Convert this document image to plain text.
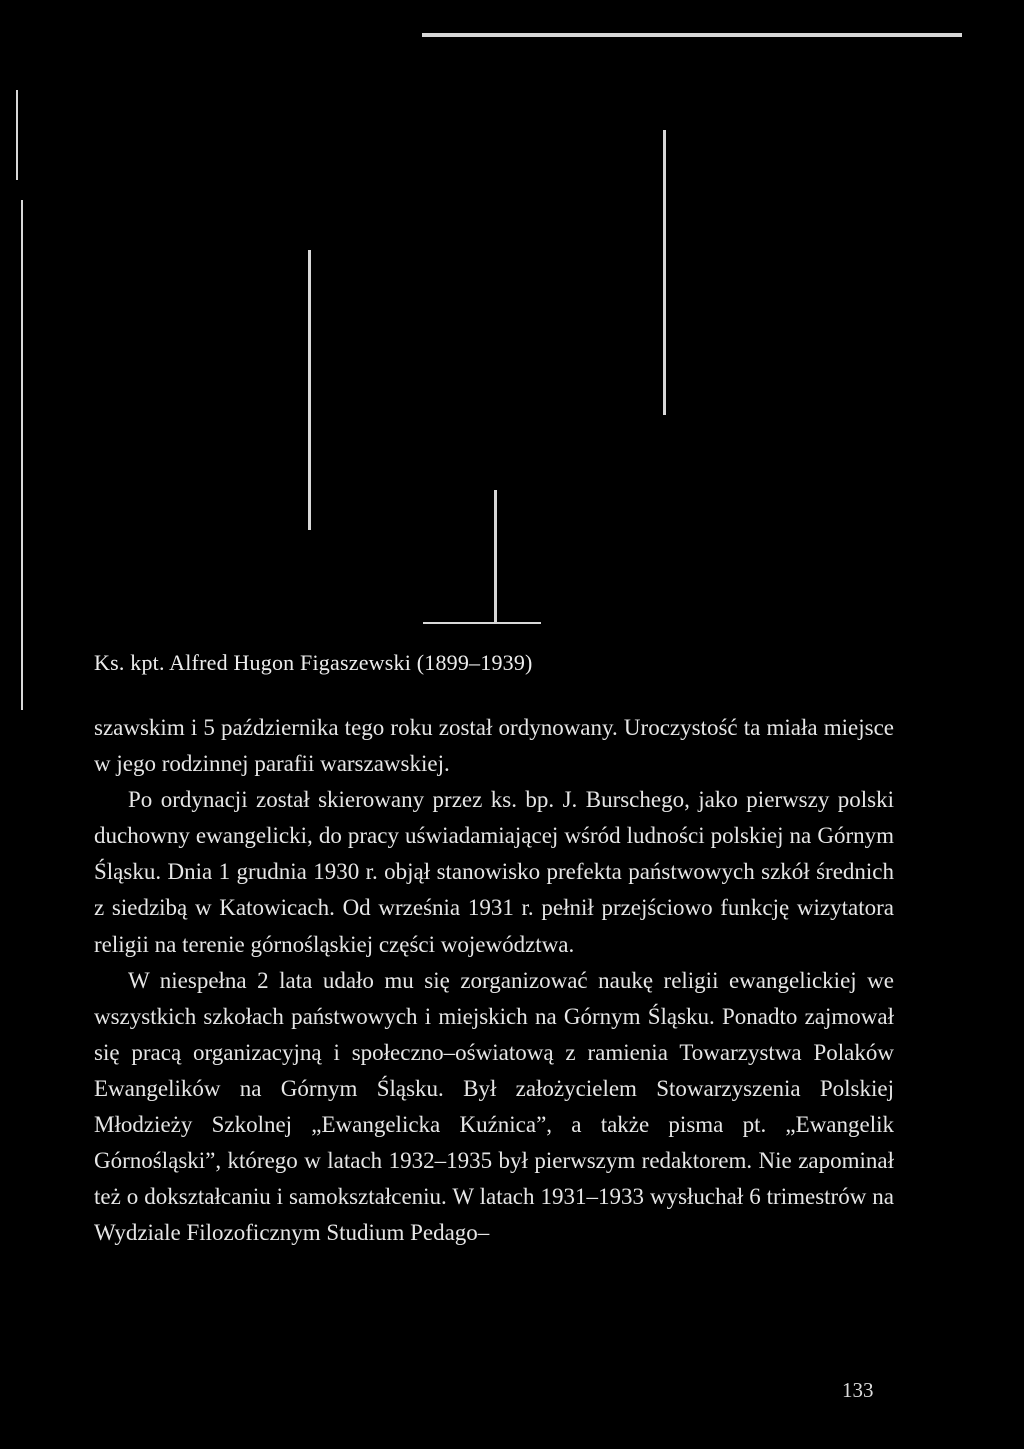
Ks. kpt. Alfred Hugon Figaszewski (1899–1939)

szawskim i 5 października tego roku został ordynowany. Uroczystość ta miała miejsce w jego rodzinnej parafii warszawskiej.

Po ordynacji został skierowany przez ks. bp. J. Burschego, jako pierwszy polski duchowny ewangelicki, do pracy uświadamiającej wśród ludności polskiej na Górnym Śląsku. Dnia 1 grudnia 1930 r. objął stanowisko prefekta państwowych szkół średnich z siedzibą w Katowicach. Od września 1931 r. pełnił przejściowo funkcję wizytatora religii na terenie górnośląskiej części województwa.

W niespełna 2 lata udało mu się zorganizować naukę religii ewangelickiej we wszystkich szkołach państwowych i miejskich na Górnym Śląsku. Ponadto zajmował się pracą organizacyjną i społeczno–oświatową z ramienia Towarzystwa Polaków Ewangelików na Górnym Śląsku. Był założycielem Stowarzyszenia Polskiej Młodzieży Szkolnej „Ewangelicka Kuźnica”, a także pisma pt. „Ewangelik Górnośląski”, którego w latach 1932–1935 był pierwszym redaktorem. Nie zapominał też o dokształcaniu i samokształceniu. W latach 1931–1933 wysłuchał 6 trimestrów na Wydziale Filozoficznym Studium Pedago–

133
